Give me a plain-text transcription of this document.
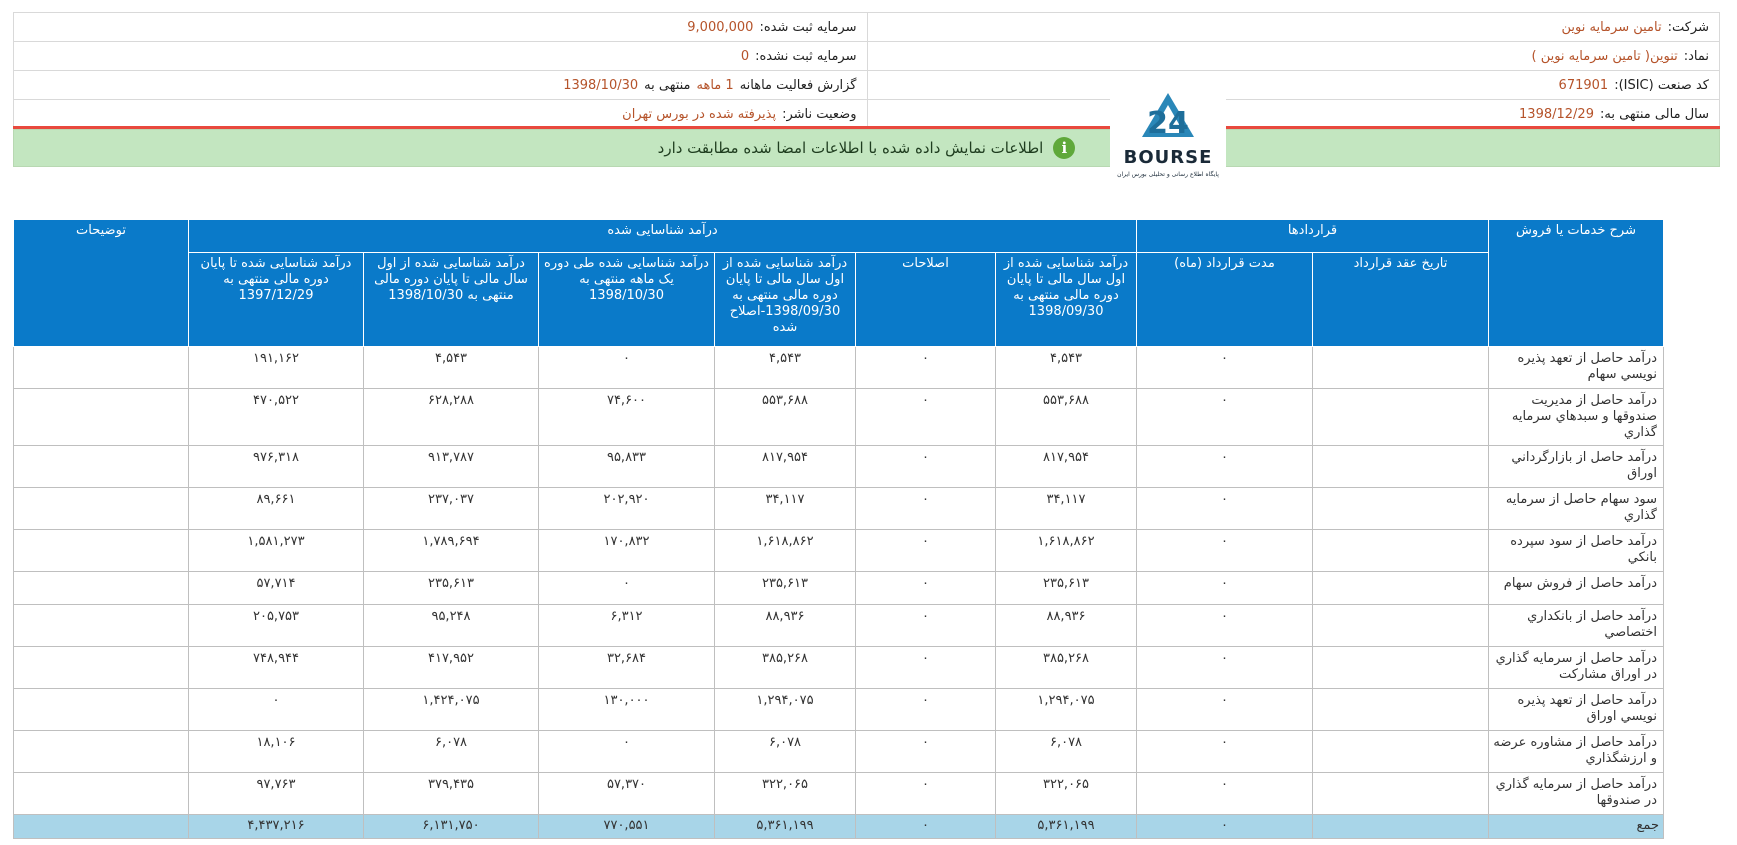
شرکت:
تامین سرمایه نوین
سرمایه ثبت شده:
9,000,000
نماد:
تنوین( تامین سرمایه نوین )
سرمایه ثبت نشده:
0
کد صنعت (ISIC):
671901
گزارش فعالیت ماهانه
1 ماهه
منتهی به
1398/10/30
سال مالی منتهی به:
1398/12/29
وضعیت ناشر:
پذیرفته شده در بورس تهران
i
اطلاعات نمایش داده شده با اطلاعات امضا شده مطابقت دارد
24
BOURSE
پایگاه اطلاع رسانی و تحلیلی بورس ایران
شرح خدمات یا فروش	قراردادها		درآمد شناسایی شده						توضیحات
	تاریخ عقد قرارداد	مدت قرارداد (ماه)	درآمد شناسایی شده از اول سال مالی تا پایان دوره مالی منتهی به 1398/09/30	اصلاحات	درآمد شناسایی شده از اول سال مالی تا پایان دوره مالی منتهی به 1398/09/30-اصلاح شده	درآمد شناسایی شده طی دوره یک ماهه منتهی به 1398/10/30	درآمد شناسایی شده از اول سال مالی تا پایان دوره مالی منتهی به 1398/10/30	درآمد شناسایی شده تا پایان دوره مالی منتهی به 1397/12/29	
درآمد حاصل از تعهد پذیره نویسي سهام		۰	۴,۵۴۳	۰	۴,۵۴۳	۰	۴,۵۴۳	۱۹۱,۱۶۲	
درآمد حاصل از مدیریت صندوقها و سبدهاي سرمایه گذاري		۰	۵۵۳,۶۸۸	۰	۵۵۳,۶۸۸	۷۴,۶۰۰	۶۲۸,۲۸۸	۴۷۰,۵۲۲	
درآمد حاصل از بازارگرداني اوراق		۰	۸۱۷,۹۵۴	۰	۸۱۷,۹۵۴	۹۵,۸۳۳	۹۱۳,۷۸۷	۹۷۶,۳۱۸	
سود سهام حاصل از سرمایه گذاري		۰	۳۴,۱۱۷	۰	۳۴,۱۱۷	۲۰۲,۹۲۰	۲۳۷,۰۳۷	۸۹,۶۶۱	
درآمد حاصل از سود سپرده بانکي		۰	۱,۶۱۸,۸۶۲	۰	۱,۶۱۸,۸۶۲	۱۷۰,۸۳۲	۱,۷۸۹,۶۹۴	۱,۵۸۱,۲۷۳	
درآمد حاصل از فروش سهام		۰	۲۳۵,۶۱۳	۰	۲۳۵,۶۱۳	۰	۲۳۵,۶۱۳	۵۷,۷۱۴	
درآمد حاصل از بانکداري اختصاصي		۰	۸۸,۹۳۶	۰	۸۸,۹۳۶	۶,۳۱۲	۹۵,۲۴۸	۲۰۵,۷۵۳	
درآمد حاصل از سرمایه گذاري در اوراق مشارکت		۰	۳۸۵,۲۶۸	۰	۳۸۵,۲۶۸	۳۲,۶۸۴	۴۱۷,۹۵۲	۷۴۸,۹۴۴	
درآمد حاصل از تعهد پذیره نویسي اوراق		۰	۱,۲۹۴,۰۷۵	۰	۱,۲۹۴,۰۷۵	۱۳۰,۰۰۰	۱,۴۲۴,۰۷۵	۰	
درآمد حاصل از مشاوره عرضه و ارزشگذاري		۰	۶,۰۷۸	۰	۶,۰۷۸	۰	۶,۰۷۸	۱۸,۱۰۶	
درآمد حاصل از سرمایه گذاري در صندوقها		۰	۳۲۲,۰۶۵	۰	۳۲۲,۰۶۵	۵۷,۳۷۰	۳۷۹,۴۳۵	۹۷,۷۶۳	
جمع		۰	۵,۳۶۱,۱۹۹	۰	۵,۳۶۱,۱۹۹	۷۷۰,۵۵۱	۶,۱۳۱,۷۵۰	۴,۴۳۷,۲۱۶	
